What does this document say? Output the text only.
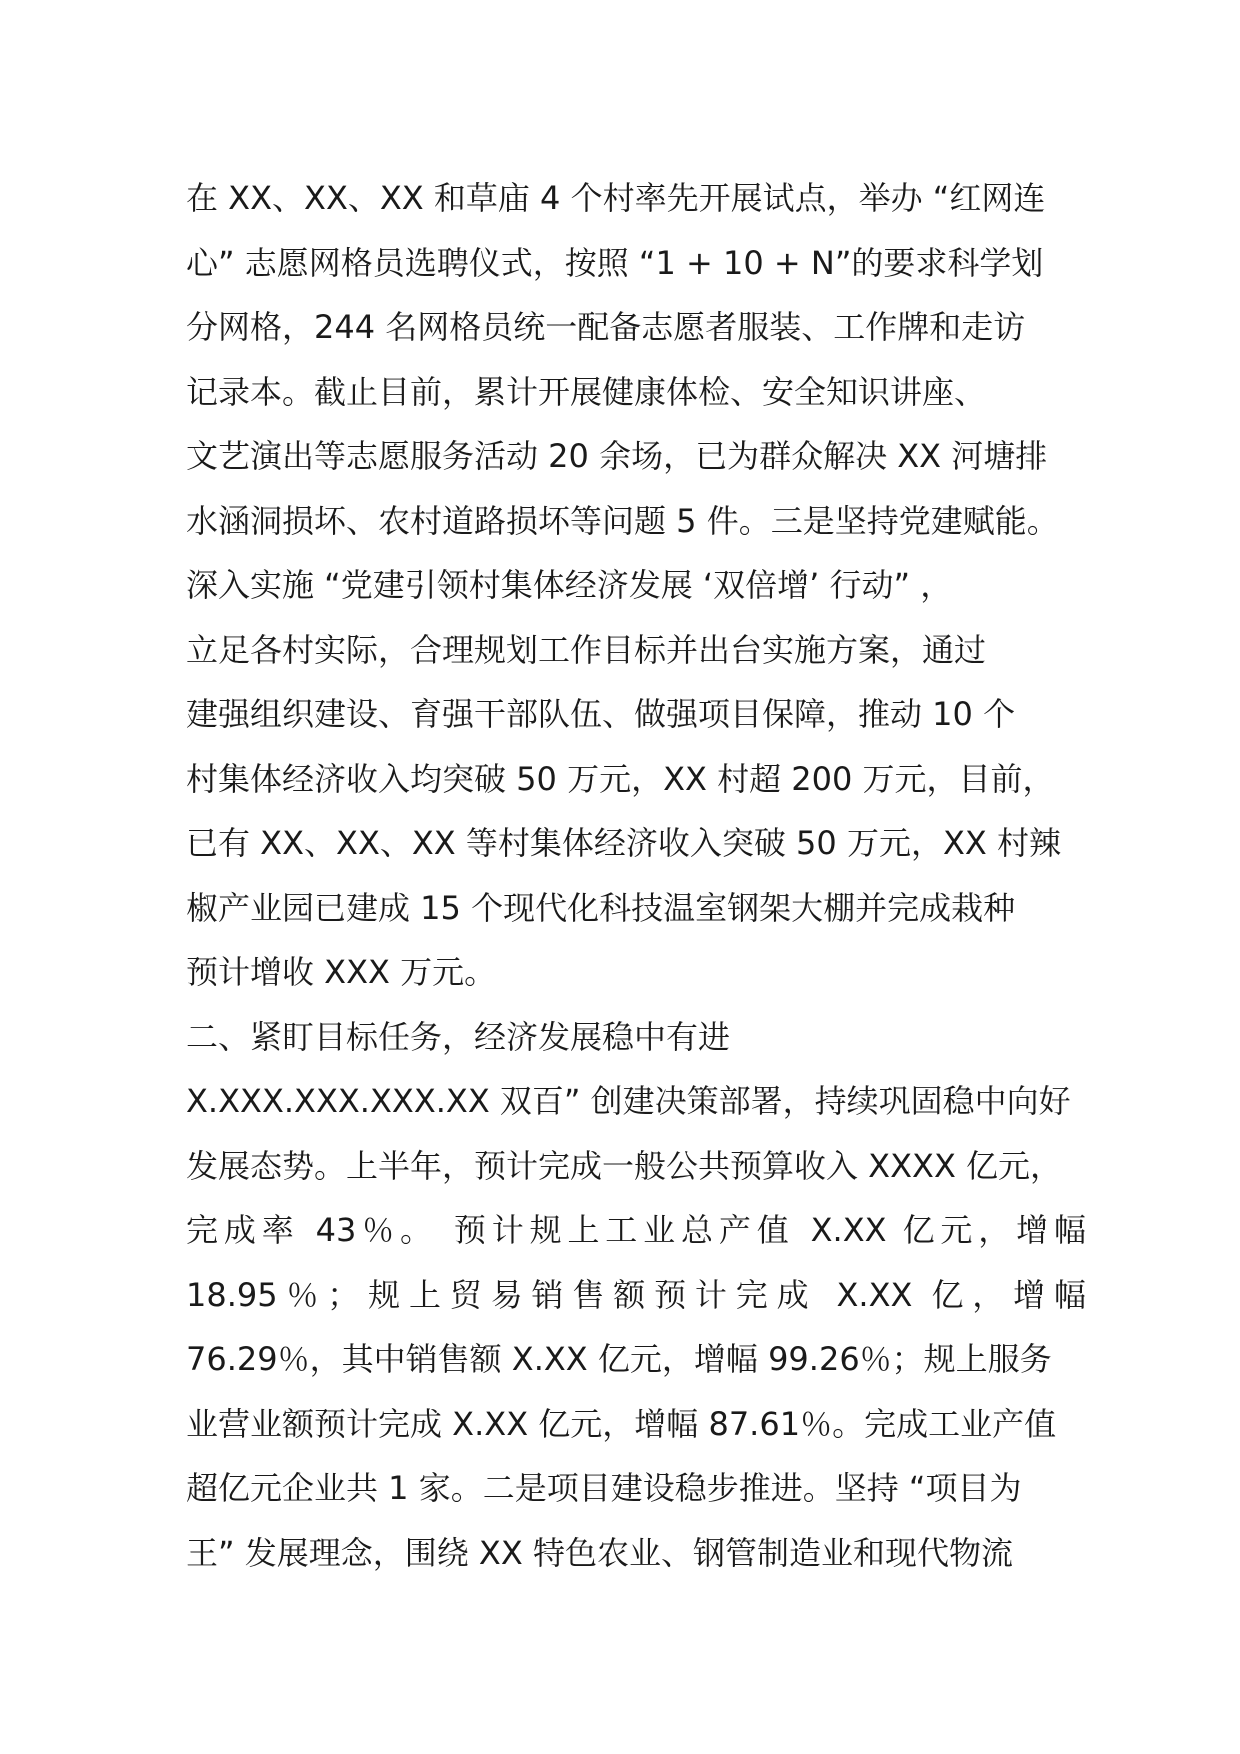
在 XX、XX、XX 和草庙 4 个村率先开展试点，举办 “红网连
心” 志愿网格员选聘仪式，按照 “1 + 10 + N”的要求科学划
分网格，244 名网格员统一配备志愿者服装、工作牌和走访
记录本。截止目前，累计开展健康体检、安全知识讲座、
文艺演出等志愿服务活动 20 余场，已为群众解决 XX 河塘排
水涵洞损坏、农村道路损坏等问题 5 件。三是坚持党建赋能。
深入实施 “党建引领村集体经济发展 ‘双倍增’ 行动” ，
立足各村实际，合理规划工作目标并出台实施方案，通过
建强组织建设、育强干部队伍、做强项目保障，推动 10 个
村集体经济收入均突破 50 万元，XX 村超 200 万元，目前，
已有 XX、XX、XX 等村集体经济收入突破 50 万元，XX 村辣
椒产业园已建成 15 个现代化科技温室钢架大棚并完成栽种
预计增收 XXX 万元。
二、紧盯目标任务，经济发展稳中有进
X.XXX.XXX.XXX.XX 双百” 创建决策部署，持续巩固稳中向好
发展态势。上半年，预计完成一般公共预算收入 XXXX 亿元，
完成率 43％。 预计规上工业总产值 X.XX 亿元，增幅
18.95％；规上贸易销售额预计完成 X.XX 亿，增幅
76.29％，其中销售额 X.XX 亿元，增幅 99.26％；规上服务
业营业额预计完成 X.XX 亿元，增幅 87.61％。完成工业产值
超亿元企业共 1 家。二是项目建设稳步推进。坚持 “项目为
王” 发展理念，围绕 XX 特色农业、钢管制造业和现代物流
